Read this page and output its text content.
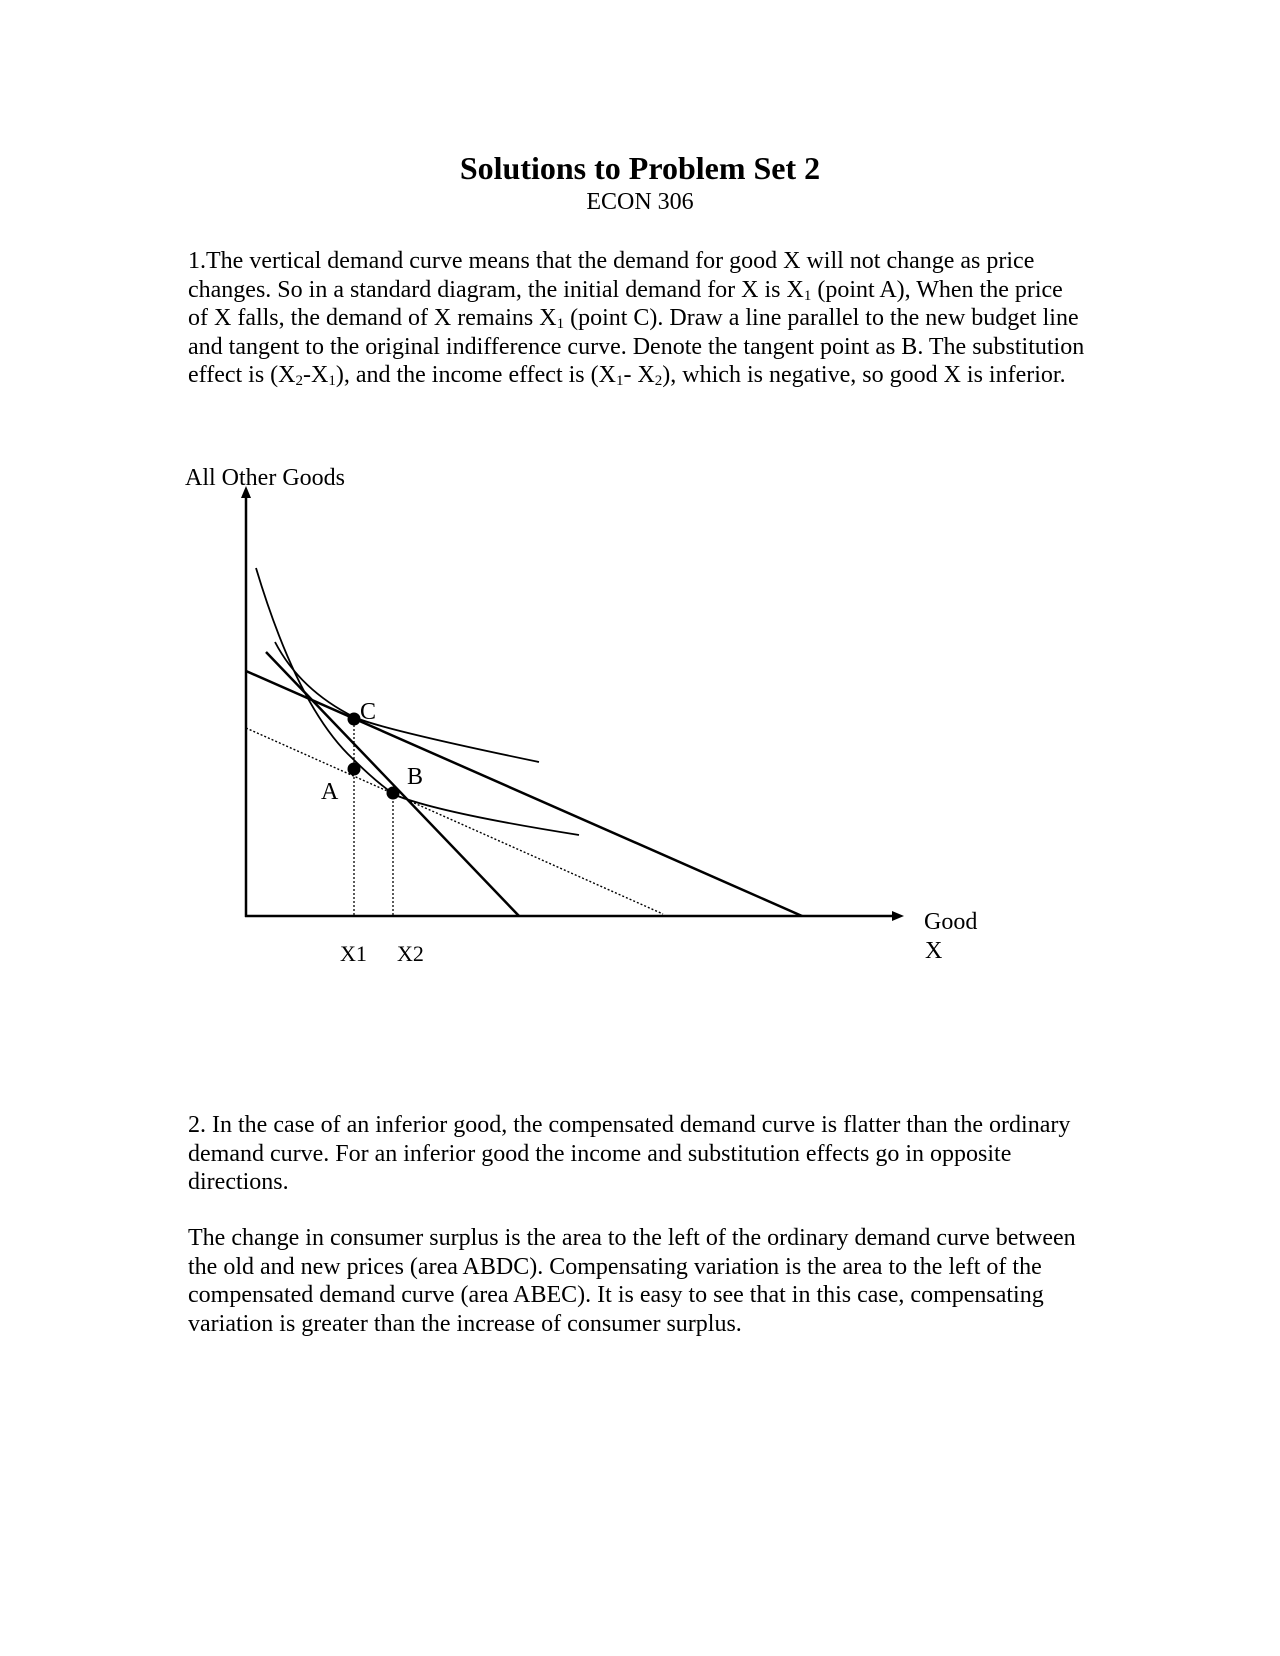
Solutions to Problem Set 2
ECON 306

1.The vertical demand curve means that the demand for good X will not change as price changes. So in a standard diagram, the initial demand for X is $X_1$ (point A), When the price of X falls, the demand of X remains $X_1$ (point C). Draw a line parallel to the new budget line and tangent to the original indifference curve. Denote the tangent point as B. The substitution effect is $(X_2-X_1)$, and the income effect is ($X_1-$ $X_2$), which is negative, so good X is inferior.

All Other Goods
Good
X
C
B
A
X1 X2

2. In the case of an inferior good, the compensated demand curve is flatter than the ordinary demand curve. For an inferior good the income and substitution effects go in opposite directions.

The change in consumer surplus is the area to the left of the ordinary demand curve between the old and new prices (area ABDC). Compensating variation is the area to the left of the compensated demand curve (area ABEC). It is easy to see that in this case, compensating variation is greater than the increase of consumer surplus.
